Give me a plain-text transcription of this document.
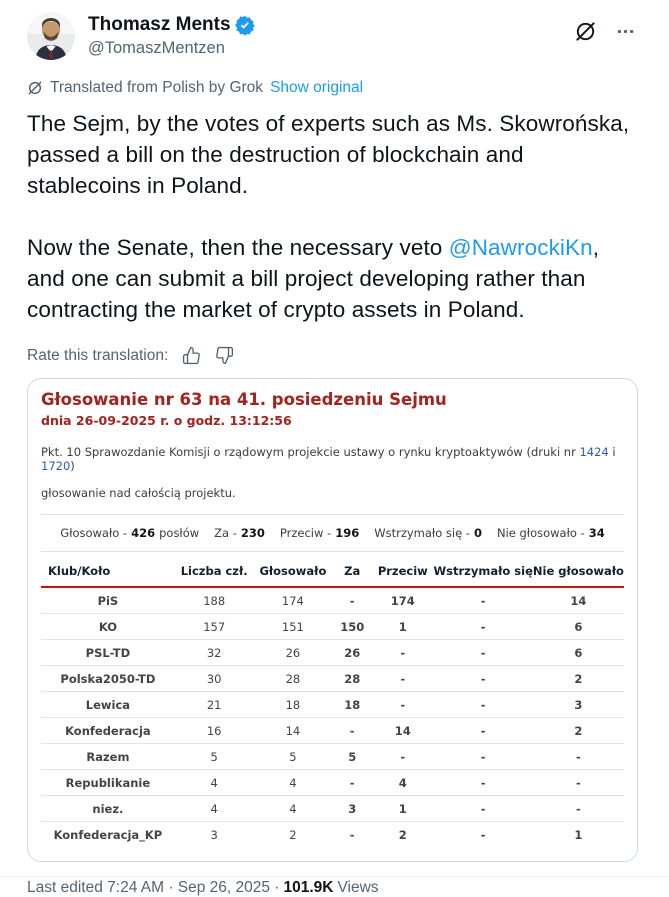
Thomasz Ments
@TomaszMentzen
Translated from Polish by Grok Show original

The Sejm, by the votes of experts such as Ms. Skowrońska, passed a bill on the destruction of blockchain and stablecoins in Poland.

Now the Senate, then the necessary veto @NawrockiKn, and one can submit a bill project developing rather than contracting the market of crypto assets in Poland.

Rate this translation:
Głosowanie nr 63 na 41. posiedzeniu Sejmu
dnia 26-09-2025 r. o godz. 13:12:56
Pkt. 10 Sprawozdanie Komisji o rządowym projekcie ustawy o rynku kryptoaktywów (druki nr 1424 i 1720)
głosowanie nad całością projektu.
Głosowało - 426 posłów Za - 230 Przeciw - 196 Wstrzymało się - 0 Nie głosowało - 34
Klub/Koło	Liczba czł.	Głosowało	Za	Przeciw	Wstrzymało się	Nie głosowało
PiS	188	174	-	174	-	14
KO	157	151	150	1	-	6
PSL-TD	32	26	26	-	-	6
Polska2050-TD	30	28	28	-	-	2
Lewica	21	18	18	-	-	3
Konfederacja	16	14	-	14	-	2
Razem	5	5	5	-	-	-
Republikanie	4	4	-	4	-	-
niez.	4	4	3	1	-	-
Konfederacja_KP	3	2	-	2	-	1
Last edited 7:24 AM · Sep 26, 2025 · 101.9K Views
